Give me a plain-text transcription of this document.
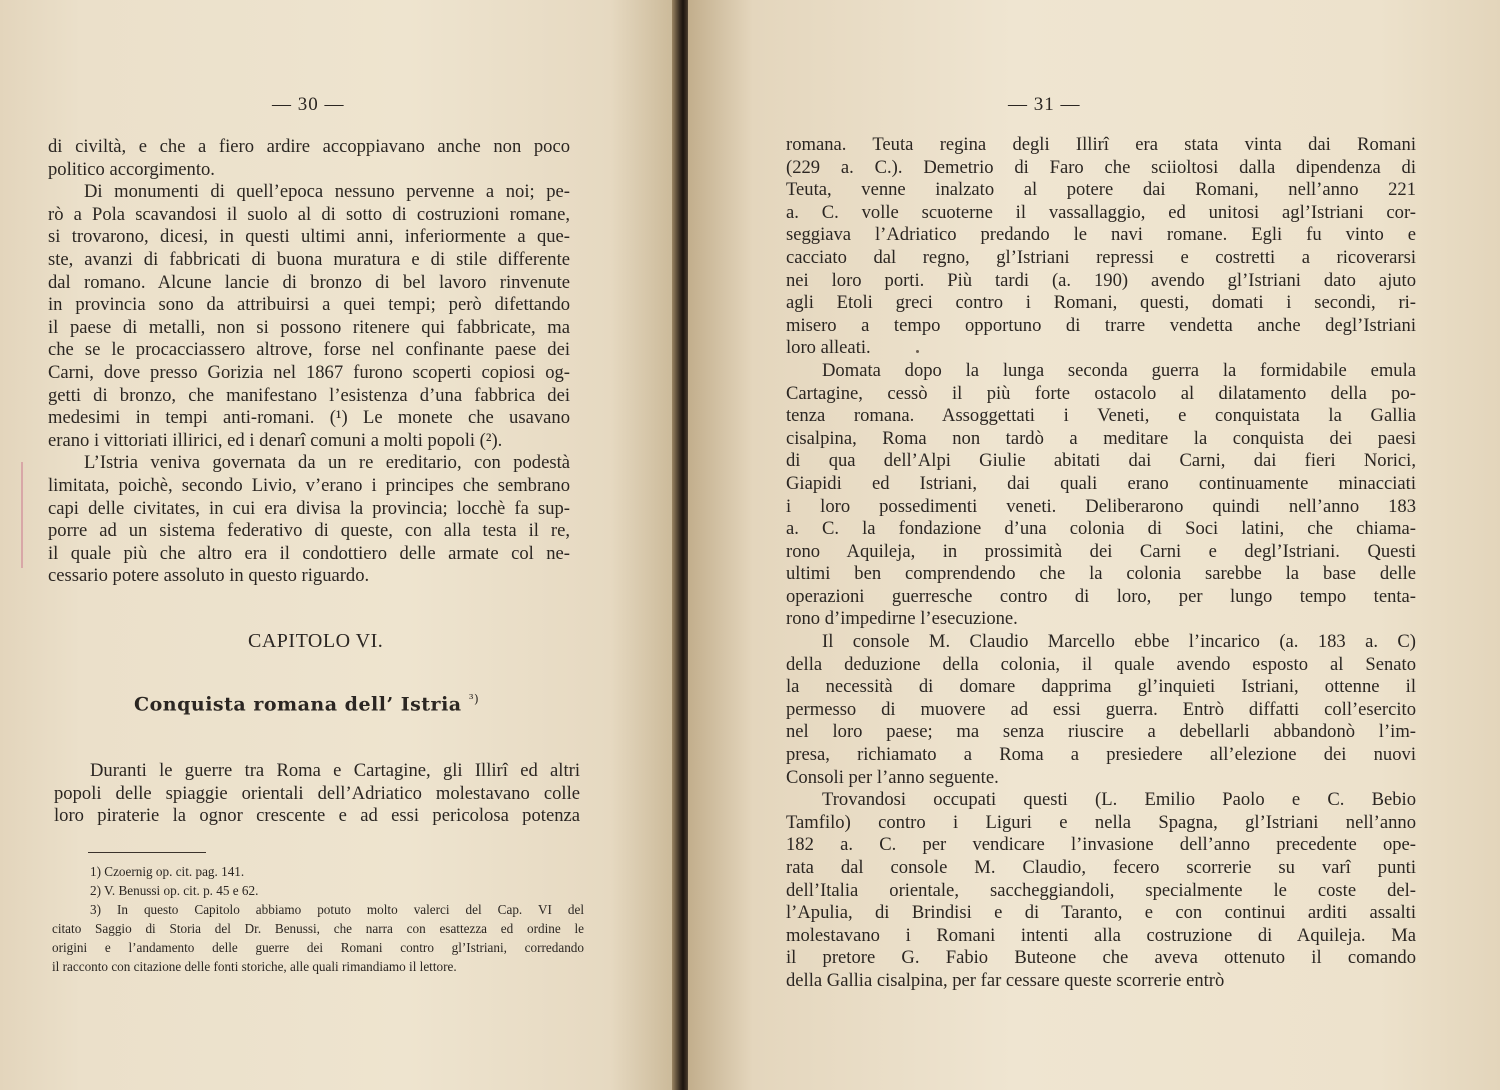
— 30 —
di civiltà, e che a fiero ardire accoppiavano anche non poco
politico accorgimento.
Di monumenti di quell’epoca nessuno pervenne a noi; pe-
rò a Pola scavandosi il suolo al di sotto di costruzioni romane,
si trovarono, dicesi, in questi ultimi anni, inferiormente a que-
ste, avanzi di fabbricati di buona muratura e di stile differente
dal romano. Alcune lancie di bronzo di bel lavoro rinvenute
in provincia sono da attribuirsi a quei tempi; però difettando
il paese di metalli, non si possono ritenere qui fabbricate, ma
che se le procacciassero altrove, forse nel confinante paese dei
Carni, dove presso Gorizia nel 1867 furono scoperti copiosi og-
getti di bronzo, che manifestano l’esistenza d’una fabbrica dei
medesimi in tempi anti-romani. (¹) Le monete che usavano
erano i vittoriati illirici, ed i denarî comuni a molti popoli (²).
L’Istria veniva governata da un re ereditario, con podestà
limitata, poichè, secondo Livio, v’erano i principes che sembrano
capi delle civitates, in cui era divisa la provincia; locchè fa sup-
porre ad un sistema federativo di queste, con alla testa il re,
il quale più che altro era il condottiero delle armate col ne-
cessario potere assoluto in questo riguardo.
CAPITOLO VI.
Conquista romana dell’ Istria $^{^3)}$
Duranti le guerre tra Roma e Cartagine, gli Illirî ed altri
popoli delle spiaggie orientali dell’Adriatico molestavano colle
loro piraterie la ognor crescente e ad essi pericolosa potenza
1) Czoernig op. cit. pag. 141.
2) V. Benussi op. cit. p. 45 e 62.
3) In questo Capitolo abbiamo potuto molto valerci del Cap. VI del
citato Saggio di Storia del Dr. Benussi, che narra con esattezza ed ordine le
origini e l’andamento delle guerre dei Romani contro gl’Istriani, corredando
il racconto con citazione delle fonti storiche, alle quali rimandiamo il lettore.
— 31 —
romana. Teuta regina degli Illirî era stata vinta dai Romani
(229 a. C.). Demetrio di Faro che sciioltosi dalla dipendenza di
Teuta, venne inalzato al potere dai Romani, nell’anno 221
a. C. volle scuoterne il vassallaggio, ed unitosi agl’Istriani cor-
seggiava l’Adriatico predando le navi romane. Egli fu vinto e
cacciato dal regno, gl’Istriani repressi e costretti a ricoverarsi
nei loro porti. Più tardi (a. 190) avendo gl’Istriani dato ajuto
agli Etoli greci contro i Romani, questi, domati i secondi, ri-
misero a tempo opportuno di trarre vendetta anche degl’Istriani
loro alleati.
Domata dopo la lunga seconda guerra la formidabile emula
Cartagine, cessò il più forte ostacolo al dilatamento della po-
tenza romana. Assoggettati i Veneti, e conquistata la Gallia
cisalpina, Roma non tardò a meditare la conquista dei paesi
di qua dell’Alpi Giulie abitati dai Carni, dai fieri Norici,
Giapidi ed Istriani, dai quali erano continuamente minacciati
i loro possedimenti veneti. Deliberarono quindi nell’anno 183
a. C. la fondazione d’una colonia di Soci latini, che chiama-
rono Aquileja, in prossimità dei Carni e degl’Istriani. Questi
ultimi ben comprendendo che la colonia sarebbe la base delle
operazioni guerresche contro di loro, per lungo tempo tenta-
rono d’impedirne l’esecuzione.
Il console M. Claudio Marcello ebbe l’incarico (a. 183 a. C)
della deduzione della colonia, il quale avendo esposto al Senato
la necessità di domare dapprima gl’inquieti Istriani, ottenne il
permesso di muovere ad essi guerra. Entrò diffatti coll’esercito
nel loro paese; ma senza riuscire a debellarli abbandonò l’im-
presa, richiamato a Roma a presiedere all’elezione dei nuovi
Consoli per l’anno seguente.
Trovandosi occupati questi (L. Emilio Paolo e C. Bebio
Tamfilo) contro i Liguri e nella Spagna, gl’Istriani nell’anno
182 a. C. per vendicare l’invasione dell’anno precedente ope-
rata dal console M. Claudio, fecero scorrerie su varî punti
dell’Italia orientale, saccheggiandoli, specialmente le coste del-
l’Apulia, di Brindisi e di Taranto, e con continui arditi assalti
molestavano i Romani intenti alla costruzione di Aquileja. Ma
il pretore G. Fabio Buteone che aveva ottenuto il comando
della Gallia cisalpina, per far cessare queste scorrerie entrò
